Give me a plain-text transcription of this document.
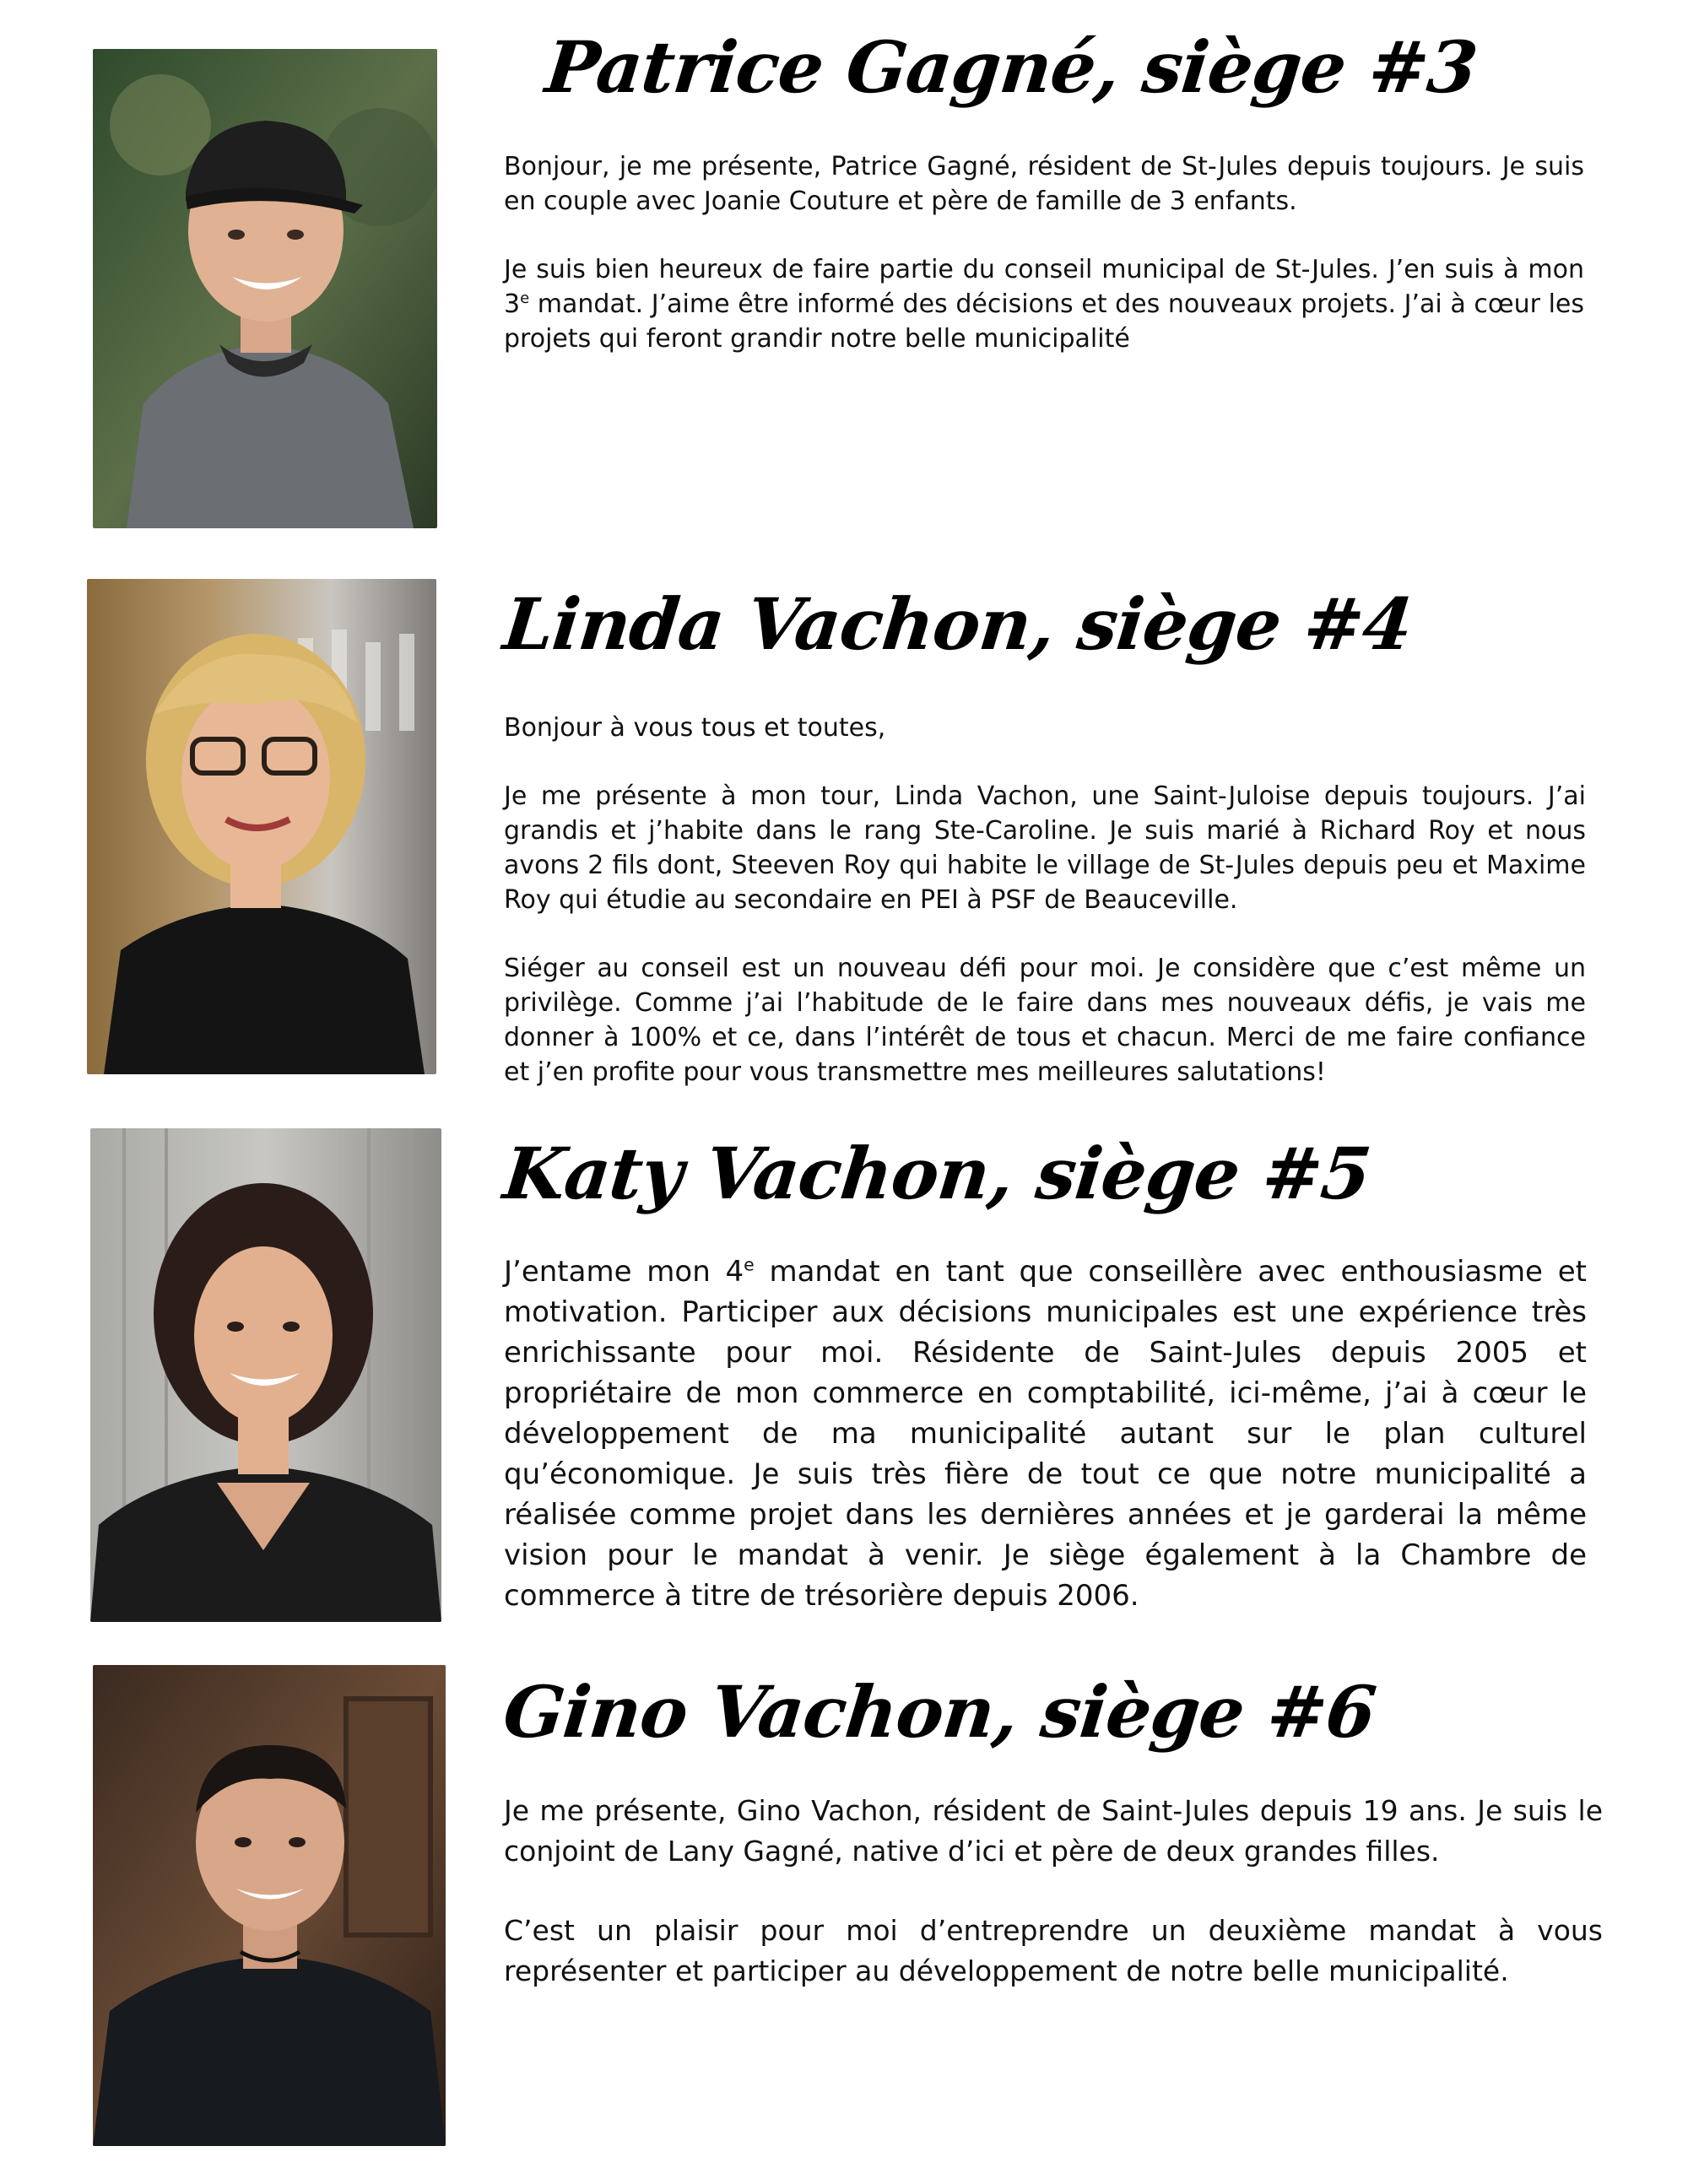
Patrice Gagné, siège #3

Bonjour, je me présente, Patrice Gagné, résident de St-Jules depuis toujours. Je suis en couple avec Joanie Couture et père de famille de 3 enfants.

Je suis bien heureux de faire partie du conseil municipal de St-Jules. J’en suis à mon 3e mandat. J’aime être informé des décisions et des nouveaux projets. J’ai à cœur les projets qui feront grandir notre belle municipalité

Linda Vachon, siège #4

Bonjour à vous tous et toutes,

Je me présente à mon tour, Linda Vachon, une Saint-Juloise depuis toujours. J’ai grandis et j’habite dans le rang Ste-Caroline. Je suis marié à Richard Roy et nous avons 2 fils dont, Steeven Roy qui habite le village de St-Jules depuis peu et Maxime Roy qui étudie au secondaire en PEI à PSF de Beauceville.

Siéger au conseil est un nouveau défi pour moi. Je considère que c’est même un privilège. Comme j’ai l’habitude de le faire dans mes nouveaux défis, je vais me donner à 100% et ce, dans l’intérêt de tous et chacun. Merci de me faire confiance et j’en profite pour vous transmettre mes meilleures salutations!

Katy Vachon, siège #5

J’entame mon 4e mandat en tant que conseillère avec enthousiasme et motivation. Participer aux décisions municipales est une expérience très enrichissante pour moi. Résidente de Saint-Jules depuis 2005 et propriétaire de mon commerce en comptabilité, ici-même, j’ai à cœur le développement de ma municipalité autant sur le plan culturel qu’économique. Je suis très fière de tout ce que notre municipalité a réalisée comme projet dans les dernières années et je garderai la même vision pour le mandat à venir. Je siège également à la Chambre de commerce à titre de trésorière depuis 2006.

Gino Vachon, siège #6

Je me présente, Gino Vachon, résident de Saint-Jules depuis 19 ans. Je suis le conjoint de Lany Gagné, native d’ici et père de deux grandes filles.

C’est un plaisir pour moi d’entreprendre un deuxième mandat à vous représenter et participer au développement de notre belle municipalité.
